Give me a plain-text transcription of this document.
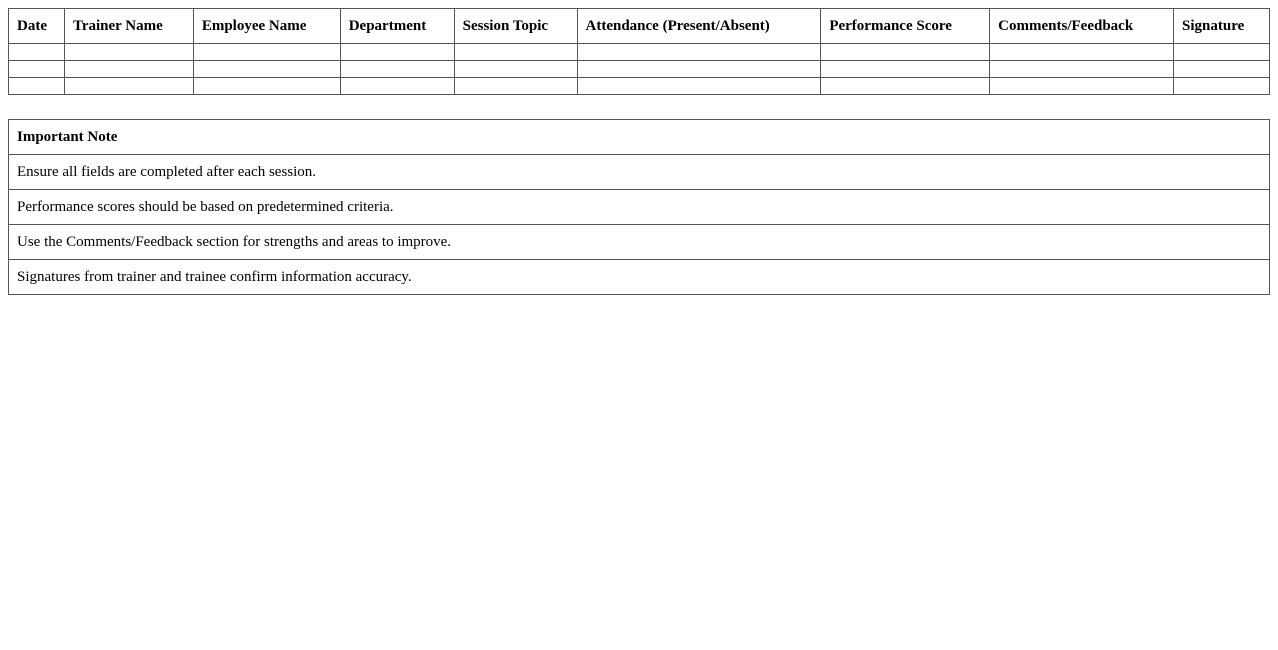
Date	Trainer Name	Employee Name	Department	Session Topic	Attendance (Present/Absent)	Performance Score	Comments/Feedback	Signature

Important Note
Ensure all fields are completed after each session.
Performance scores should be based on predetermined criteria.
Use the Comments/Feedback section for strengths and areas to improve.
Signatures from trainer and trainee confirm information accuracy.
